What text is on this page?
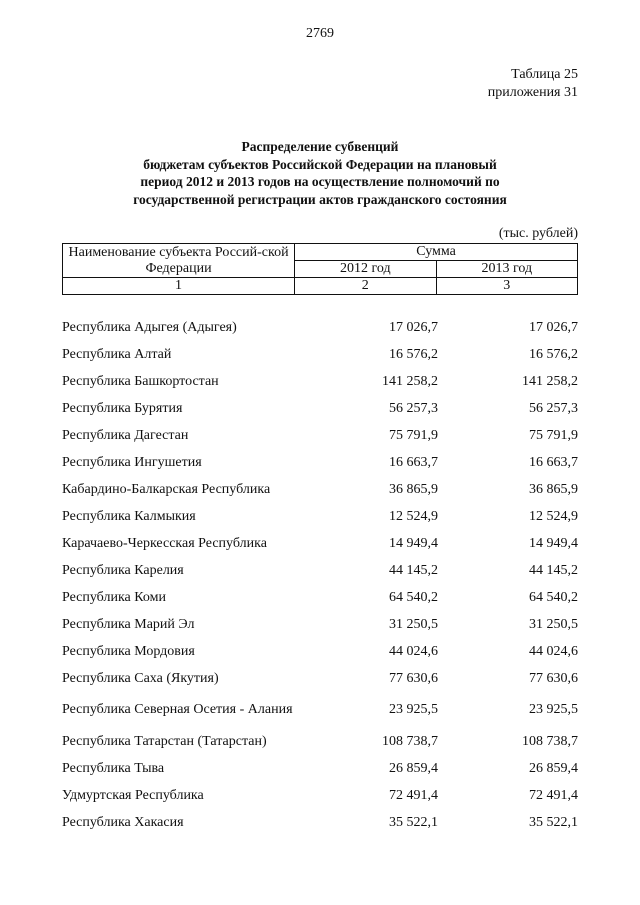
2769
Таблица 25
приложения 31
Распределение субвенций
бюджетам субъектов Российской Федерации на плановый
период 2012 и 2013 годов на осуществление полномочий по
государственной регистрации актов гражданского состояния
(тыс. рублей)
Наименование субъекта Россий-ской Федерации	Сумма	
	2012 год	2013 год
1	2	3
Республика Адыгея (Адыгея)	17 026,7	17 026,7
Республика Алтай	16 576,2	16 576,2
Республика Башкортостан	141 258,2	141 258,2
Республика Бурятия	56 257,3	56 257,3
Республика Дагестан	75 791,9	75 791,9
Республика Ингушетия	16 663,7	16 663,7
Кабардино-Балкарская Республика	36 865,9	36 865,9
Республика Калмыкия	12 524,9	12 524,9
Карачаево-Черкесская Республика	14 949,4	14 949,4
Республика Карелия	44 145,2	44 145,2
Республика Коми	64 540,2	64 540,2
Республика Марий Эл	31 250,5	31 250,5
Республика Мордовия	44 024,6	44 024,6
Республика Саха (Якутия)	77 630,6	77 630,6
Республика Северная Осетия - Алания	23 925,5	23 925,5
Республика Татарстан (Татарстан)	108 738,7	108 738,7
Республика Тыва	26 859,4	26 859,4
Удмуртская Республика	72 491,4	72 491,4
Республика Хакасия	35 522,1	35 522,1
